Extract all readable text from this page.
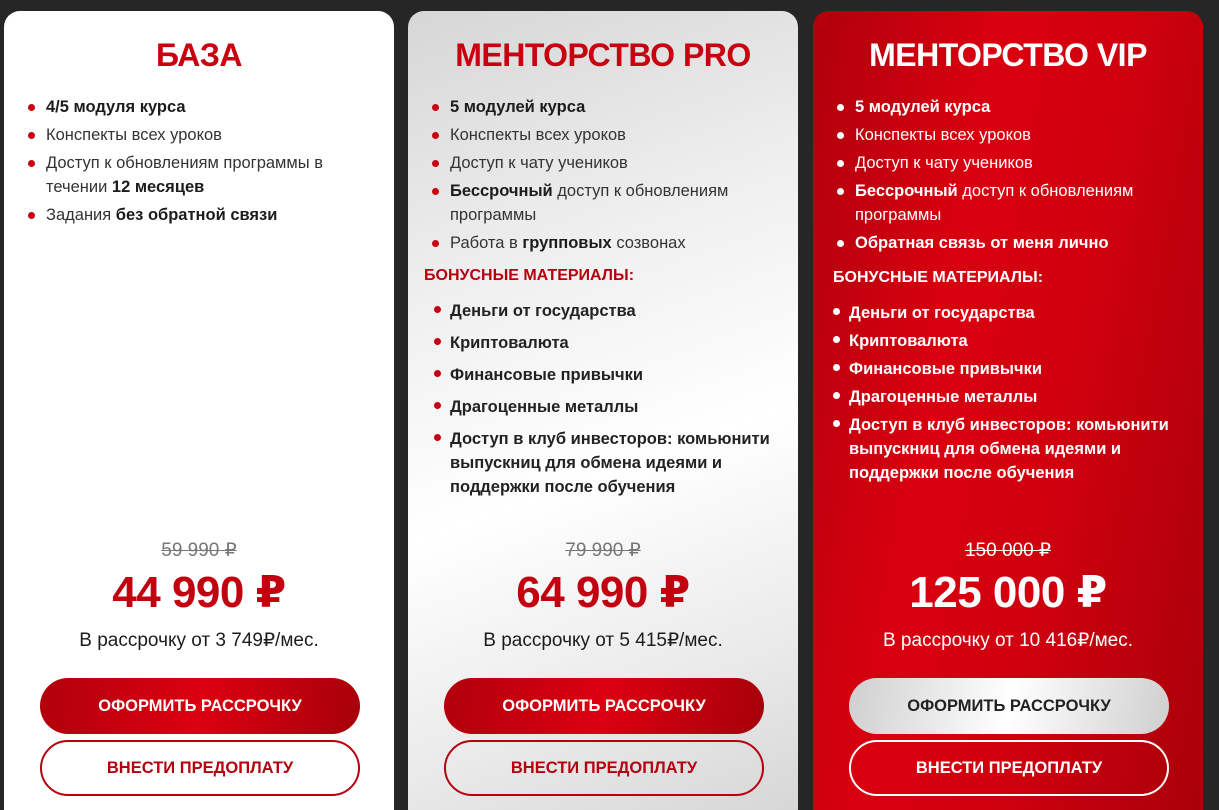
БАЗА
4/5 модуля курса
Конспекты всех уроков
Доступ к обновлениям программы в течении 12 месяцев
Задания без обратной связи
59 990 ₽
44 990 ₽
В рассрочку от 3 749₽/мес.
ОФОРМИТЬ РАССРОЧКУ
ВНЕСТИ ПРЕДОПЛАТУ
МЕНТОРСТВО PRO
5 модулей курса
Конспекты всех уроков
Доступ к чату учеников
Бессрочный доступ к обновлениям программы
Работа в групповых созвонах
БОНУСНЫЕ МАТЕРИАЛЫ:
Деньги от государства
Криптовалюта
Финансовые привычки
Драгоценные металлы
Доступ в клуб инвесторов: комьюнити выпускниц для обмена идеями и поддержки после обучения
79 990 ₽
64 990 ₽
В рассрочку от 5 415₽/мес.
ОФОРМИТЬ РАССРОЧКУ
ВНЕСТИ ПРЕДОПЛАТУ
МЕНТОРСТВО VIP
5 модулей курса
Конспекты всех уроков
Доступ к чату учеников
Бессрочный доступ к обновлениям программы
Обратная связь от меня лично
БОНУСНЫЕ МАТЕРИАЛЫ:
Деньги от государства
Криптовалюта
Финансовые привычки
Драгоценные металлы
Доступ в клуб инвесторов: комьюнити выпускниц для обмена идеями и поддержки после обучения
150 000 ₽
125 000 ₽
В рассрочку от 10 416₽/мес.
ОФОРМИТЬ РАССРОЧКУ
ВНЕСТИ ПРЕДОПЛАТУ
